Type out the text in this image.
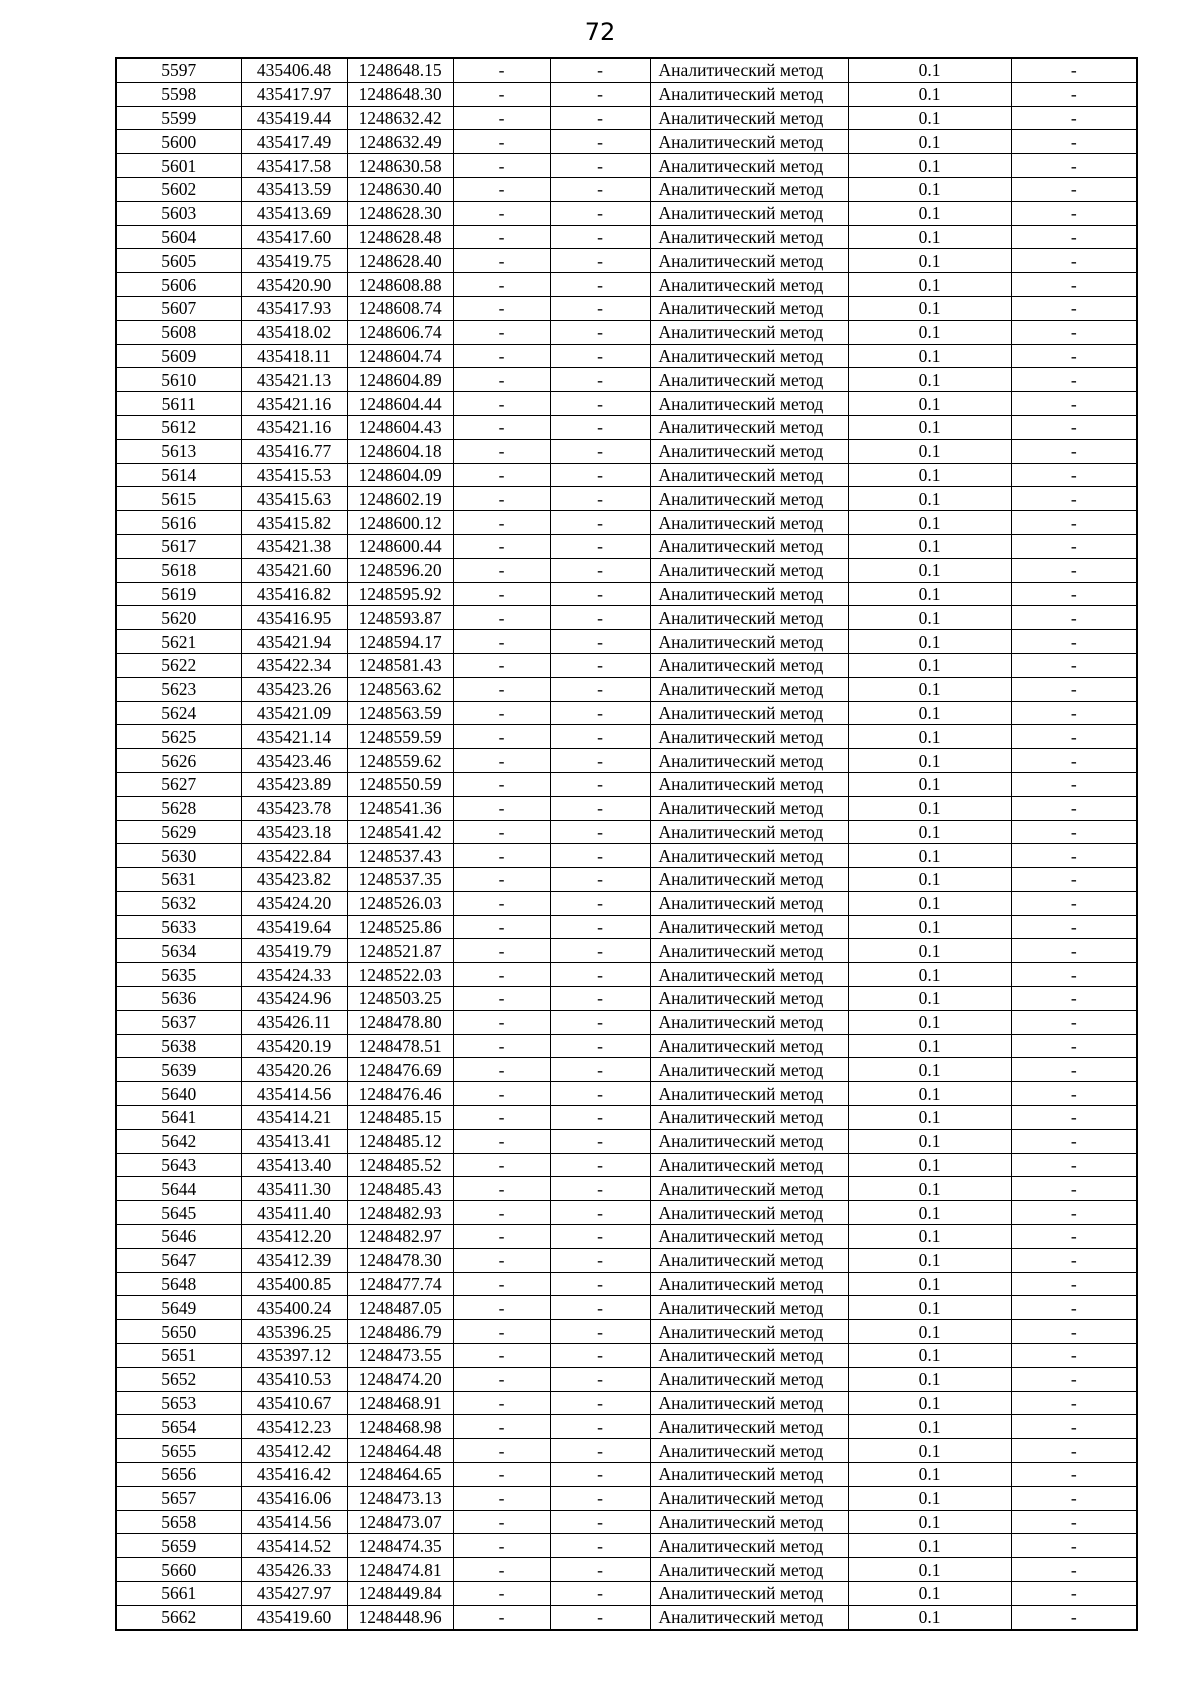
72
5597	435406.48	1248648.15	-	-	Аналитический метод	0.1	-
5598	435417.97	1248648.30	-	-	Аналитический метод	0.1	-
5599	435419.44	1248632.42	-	-	Аналитический метод	0.1	-
5600	435417.49	1248632.49	-	-	Аналитический метод	0.1	-
5601	435417.58	1248630.58	-	-	Аналитический метод	0.1	-
5602	435413.59	1248630.40	-	-	Аналитический метод	0.1	-
5603	435413.69	1248628.30	-	-	Аналитический метод	0.1	-
5604	435417.60	1248628.48	-	-	Аналитический метод	0.1	-
5605	435419.75	1248628.40	-	-	Аналитический метод	0.1	-
5606	435420.90	1248608.88	-	-	Аналитический метод	0.1	-
5607	435417.93	1248608.74	-	-	Аналитический метод	0.1	-
5608	435418.02	1248606.74	-	-	Аналитический метод	0.1	-
5609	435418.11	1248604.74	-	-	Аналитический метод	0.1	-
5610	435421.13	1248604.89	-	-	Аналитический метод	0.1	-
5611	435421.16	1248604.44	-	-	Аналитический метод	0.1	-
5612	435421.16	1248604.43	-	-	Аналитический метод	0.1	-
5613	435416.77	1248604.18	-	-	Аналитический метод	0.1	-
5614	435415.53	1248604.09	-	-	Аналитический метод	0.1	-
5615	435415.63	1248602.19	-	-	Аналитический метод	0.1	-
5616	435415.82	1248600.12	-	-	Аналитический метод	0.1	-
5617	435421.38	1248600.44	-	-	Аналитический метод	0.1	-
5618	435421.60	1248596.20	-	-	Аналитический метод	0.1	-
5619	435416.82	1248595.92	-	-	Аналитический метод	0.1	-
5620	435416.95	1248593.87	-	-	Аналитический метод	0.1	-
5621	435421.94	1248594.17	-	-	Аналитический метод	0.1	-
5622	435422.34	1248581.43	-	-	Аналитический метод	0.1	-
5623	435423.26	1248563.62	-	-	Аналитический метод	0.1	-
5624	435421.09	1248563.59	-	-	Аналитический метод	0.1	-
5625	435421.14	1248559.59	-	-	Аналитический метод	0.1	-
5626	435423.46	1248559.62	-	-	Аналитический метод	0.1	-
5627	435423.89	1248550.59	-	-	Аналитический метод	0.1	-
5628	435423.78	1248541.36	-	-	Аналитический метод	0.1	-
5629	435423.18	1248541.42	-	-	Аналитический метод	0.1	-
5630	435422.84	1248537.43	-	-	Аналитический метод	0.1	-
5631	435423.82	1248537.35	-	-	Аналитический метод	0.1	-
5632	435424.20	1248526.03	-	-	Аналитический метод	0.1	-
5633	435419.64	1248525.86	-	-	Аналитический метод	0.1	-
5634	435419.79	1248521.87	-	-	Аналитический метод	0.1	-
5635	435424.33	1248522.03	-	-	Аналитический метод	0.1	-
5636	435424.96	1248503.25	-	-	Аналитический метод	0.1	-
5637	435426.11	1248478.80	-	-	Аналитический метод	0.1	-
5638	435420.19	1248478.51	-	-	Аналитический метод	0.1	-
5639	435420.26	1248476.69	-	-	Аналитический метод	0.1	-
5640	435414.56	1248476.46	-	-	Аналитический метод	0.1	-
5641	435414.21	1248485.15	-	-	Аналитический метод	0.1	-
5642	435413.41	1248485.12	-	-	Аналитический метод	0.1	-
5643	435413.40	1248485.52	-	-	Аналитический метод	0.1	-
5644	435411.30	1248485.43	-	-	Аналитический метод	0.1	-
5645	435411.40	1248482.93	-	-	Аналитический метод	0.1	-
5646	435412.20	1248482.97	-	-	Аналитический метод	0.1	-
5647	435412.39	1248478.30	-	-	Аналитический метод	0.1	-
5648	435400.85	1248477.74	-	-	Аналитический метод	0.1	-
5649	435400.24	1248487.05	-	-	Аналитический метод	0.1	-
5650	435396.25	1248486.79	-	-	Аналитический метод	0.1	-
5651	435397.12	1248473.55	-	-	Аналитический метод	0.1	-
5652	435410.53	1248474.20	-	-	Аналитический метод	0.1	-
5653	435410.67	1248468.91	-	-	Аналитический метод	0.1	-
5654	435412.23	1248468.98	-	-	Аналитический метод	0.1	-
5655	435412.42	1248464.48	-	-	Аналитический метод	0.1	-
5656	435416.42	1248464.65	-	-	Аналитический метод	0.1	-
5657	435416.06	1248473.13	-	-	Аналитический метод	0.1	-
5658	435414.56	1248473.07	-	-	Аналитический метод	0.1	-
5659	435414.52	1248474.35	-	-	Аналитический метод	0.1	-
5660	435426.33	1248474.81	-	-	Аналитический метод	0.1	-
5661	435427.97	1248449.84	-	-	Аналитический метод	0.1	-
5662	435419.60	1248448.96	-	-	Аналитический метод	0.1	-
